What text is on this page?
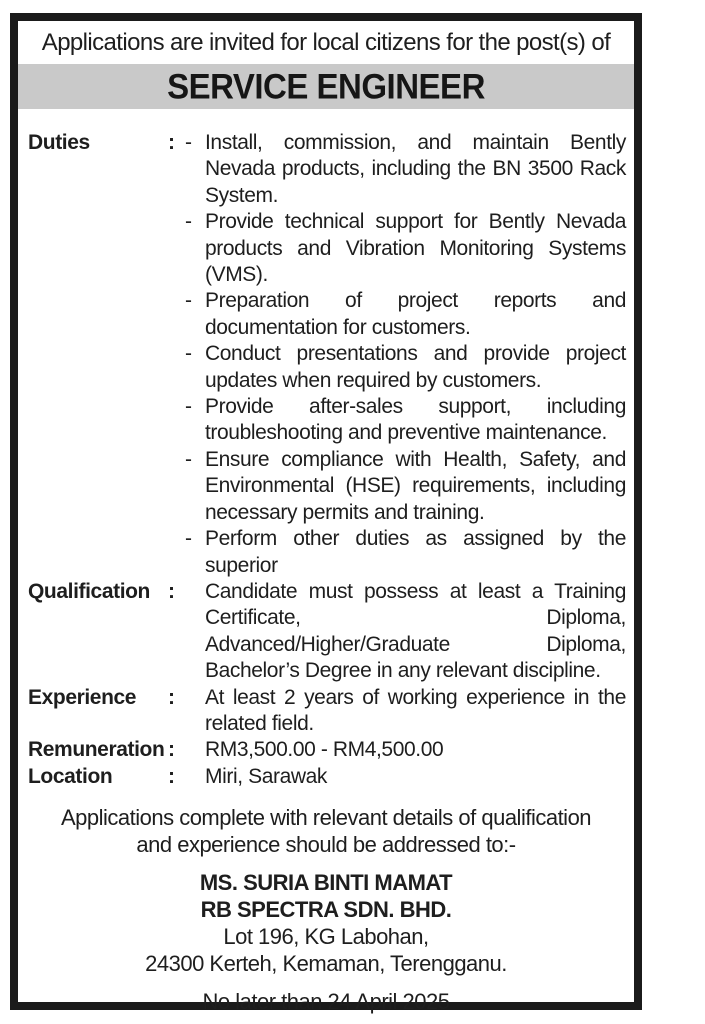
Applications are invited for local citizens for the post(s) of
SERVICE ENGINEER
Duties	: - Install, commission, and maintain Bently Nevada products, including the BN 3500 Rack System.
- Provide technical support for Bently Nevada products and Vibration Monitoring Systems (VMS).
- Preparation of project reports and documentation for customers.
- Conduct presentations and provide project updates when required by customers.
- Provide after-sales support, including troubleshooting and preventive maintenance.
- Ensure compliance with Health, Safety, and Environmental (HSE) requirements, including necessary permits and training.
- Perform other duties as assigned by the superior
Qualification :	Candidate must possess at least a Training Certificate, Diploma, Advanced/Higher/Graduate Diploma, Bachelor’s Degree in any relevant discipline.
Experience	:	At least 2 years of working experience in the related field.
Remuneration :	RM3,500.00 - RM4,500.00
Location	:	Miri, Sarawak
Applications complete with relevant details of qualification and experience should be addressed to:-
MS. SURIA BINTI MAMAT
RB SPECTRA SDN. BHD.
Lot 196, KG Labohan,
24300 Kerteh, Kemaman, Terengganu.
No later than 24 April 2025
